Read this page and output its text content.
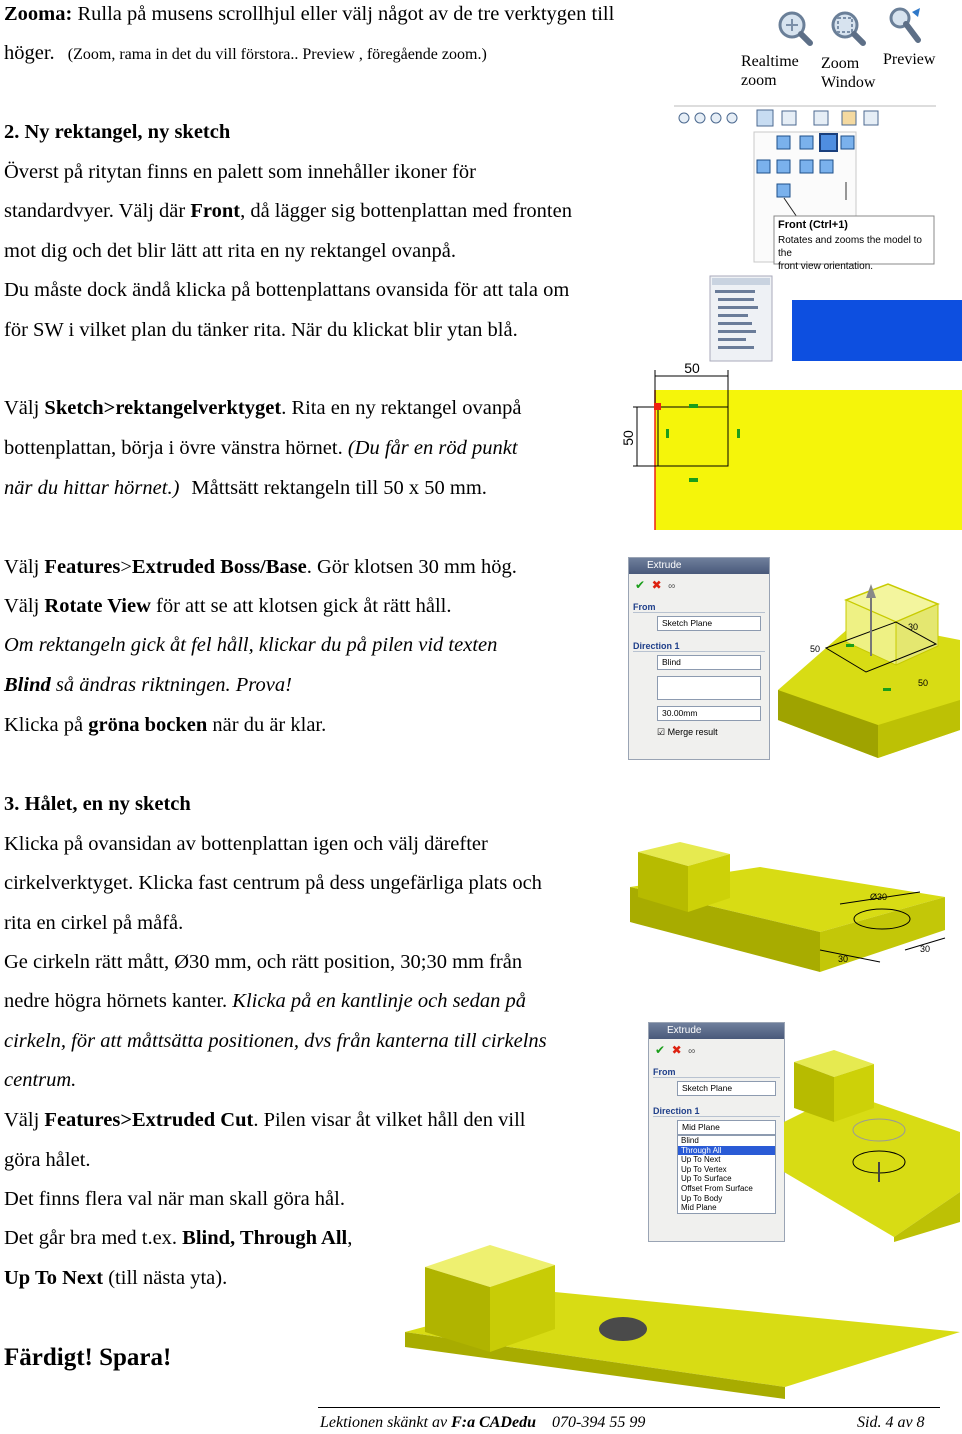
Zooma: Rulla på musens scrollhjul eller välj något av de tre verktygen till
höger. (Zoom, rama in det du vill förstora.. Preview , föregående zoom.)	Realtime
zoom
Zoom
Window
Preview
2. Ny rektangel, ny sketch
Överst på ritytan finns en palett som innehåller ikoner för
standardvyer. Välj där Front, då lägger sig bottenplattan med fronten
mot dig och det blir lätt att rita en ny rektangel ovanpå.
Du måste dock ändå klicka på bottenplattans ovansida för att tala om
för SW i vilket plan du tänker rita. När du klickat blir ytan blå.
Front (Ctrl+1)
Rotates and zooms the model to the
front view orientation.
Välj Sketch>rektangelverktyget. Rita en ny rektangel ovanpå
bottenplattan, börja i övre vänstra hörnet. (Du får en röd punkt
när du hittar hörnet.) Måttsätt rektangeln till 50 x 50 mm.
50
50
Välj Features>Extruded Boss/Base. Gör klotsen 30 mm hög.
Välj Rotate View för att se att klotsen gick åt rätt håll.
Om rektangeln gick åt fel håll, klickar du på pilen vid texten
Blind så ändras riktningen. Prova!
Klicka på gröna bocken när du är klar.
Extrude
✔ ✖ ∞
From
Sketch Plane
Direction 1
Blind
30.00mm
☑ Merge result
30
50
50
3. Hålet, en ny sketch
Klicka på ovansidan av bottenplattan igen och välj därefter
cirkelverktyget. Klicka fast centrum på dess ungefärliga plats och
rita en cirkel på måfå.
Ge cirkeln rätt mått, Ø30 mm, och rätt position, 30;30 mm från
nedre högra hörnets kanter. Klicka på en kantlinje och sedan på
cirkeln, för att måttsätta positionen, dvs från kanterna till cirkelns
centrum.
Välj Features>Extruded Cut. Pilen visar åt vilket håll den vill
göra hålet.
Det finns flera val när man skall göra hål.
Det går bra med t.ex. Blind, Through All,
Up To Next (till nästa yta).
Ø30
30
30
Extrude
✔ ✖ ∞
From
Sketch Plane
Direction 1
Mid Plane
Blind
Through All
Up To Next
Up To Vertex
Up To Surface
Offset From Surface
Up To Body
Mid Plane
Färdigt! Spara!
Lektionen skänkt av F:a CADedu 070-394 55 99	Sid. 4 av 8
